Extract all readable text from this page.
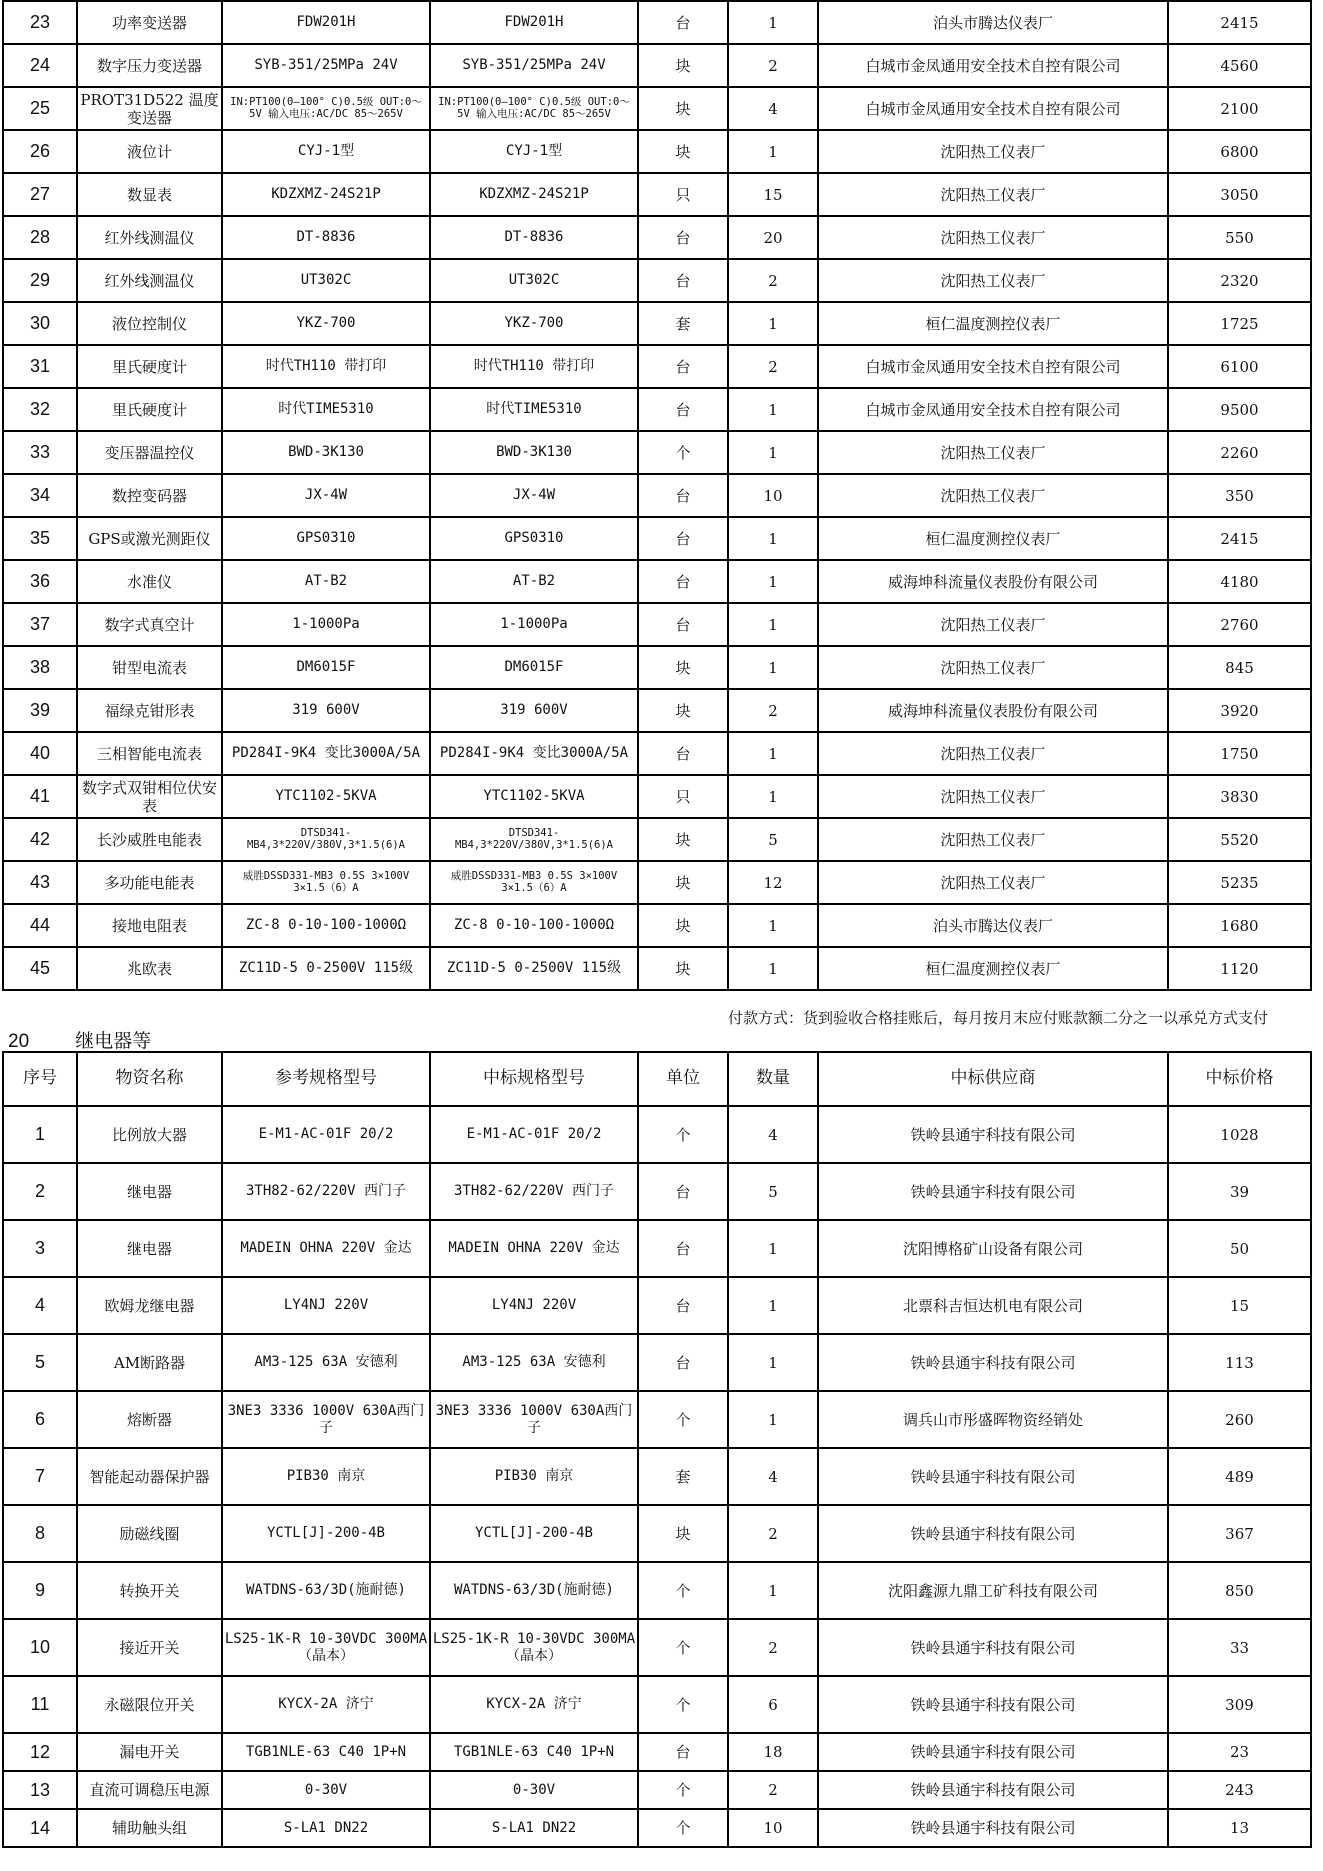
23	功率变送器	FDW201H	FDW201H	台	1	泊头市腾达仪表厂	2415
24	数字压力变送器	SYB-351/25MPa 24V	SYB-351/25MPa 24V	块	2	白城市金凤通用安全技术自控有限公司	4560
25	PROT31D522 温度变送器	IN:PT100(0—100° C)0.5级 OUT:0～5V 输入电压:AC/DC 85～265V	IN:PT100(0—100° C)0.5级 OUT:0～5V 输入电压:AC/DC 85～265V	块	4	白城市金凤通用安全技术自控有限公司	2100
26	液位计	CYJ-1型	CYJ-1型	块	1	沈阳热工仪表厂	6800
27	数显表	KDZXMZ-24S21P	KDZXMZ-24S21P	只	15	沈阳热工仪表厂	3050
28	红外线测温仪	DT-8836	DT-8836	台	20	沈阳热工仪表厂	550
29	红外线测温仪	UT302C	UT302C	台	2	沈阳热工仪表厂	2320
30	液位控制仪	YKZ-700	YKZ-700	套	1	桓仁温度测控仪表厂	1725
31	里氏硬度计	时代TH110 带打印	时代TH110 带打印	台	2	白城市金凤通用安全技术自控有限公司	6100
32	里氏硬度计	时代TIME5310	时代TIME5310	台	1	白城市金凤通用安全技术自控有限公司	9500
33	变压器温控仪	BWD-3K130	BWD-3K130	个	1	沈阳热工仪表厂	2260
34	数控变码器	JX-4W	JX-4W	台	10	沈阳热工仪表厂	350
35	GPS或激光测距仪	GPS0310	GPS0310	台	1	桓仁温度测控仪表厂	2415
36	水准仪	AT-B2	AT-B2	台	1	威海坤科流量仪表股份有限公司	4180
37	数字式真空计	1-1000Pa	1-1000Pa	台	1	沈阳热工仪表厂	2760
38	钳型电流表	DM6015F	DM6015F	块	1	沈阳热工仪表厂	845
39	福绿克钳形表	319 600V	319 600V	块	2	威海坤科流量仪表股份有限公司	3920
40	三相智能电流表	PD284I-9K4 变比3000A/5A	PD284I-9K4 变比3000A/5A	台	1	沈阳热工仪表厂	1750
41	数字式双钳相位伏安表	YTC1102-5KVA	YTC1102-5KVA	只	1	沈阳热工仪表厂	3830
42	长沙威胜电能表	DTSD341-MB4,3*220V/380V,3*1.5(6)A	DTSD341-MB4,3*220V/380V,3*1.5(6)A	块	5	沈阳热工仪表厂	5520
43	多功能电能表	威胜DSSD331-MB3 0.5S 3×100V 3×1.5（6）A	威胜DSSD331-MB3 0.5S 3×100V 3×1.5（6）A	块	12	沈阳热工仪表厂	5235
44	接地电阻表	ZC-8 0-10-100-1000Ω	ZC-8 0-10-100-1000Ω	块	1	泊头市腾达仪表厂	1680
45	兆欧表	ZC11D-5 0-2500V 115级	ZC11D-5 0-2500V 115级	块	1	桓仁温度测控仪表厂	1120
20 继电器等
付款方式：货到验收合格挂账后，每月按月末应付账款额二分之一以承兑方式支付
序号	物资名称	参考规格型号	中标规格型号	单位	数量	中标供应商	中标价格
1	比例放大器	E-M1-AC-01F 20/2	E-M1-AC-01F 20/2	个	4	铁岭县通宇科技有限公司	1028
2	继电器	3TH82-62/220V 西门子	3TH82-62/220V 西门子	台	5	铁岭县通宇科技有限公司	39
3	继电器	MADEIN OHNA 220V 金达	MADEIN OHNA 220V 金达	台	1	沈阳博格矿山设备有限公司	50
4	欧姆龙继电器	LY4NJ 220V	LY4NJ 220V	台	1	北票科吉恒达机电有限公司	15
5	AM断路器	AM3-125 63A 安德利	AM3-125 63A 安德利	台	1	铁岭县通宇科技有限公司	113
6	熔断器	3NE3 3336 1000V 630A西门子	3NE3 3336 1000V 630A西门子	个	1	调兵山市彤盛晖物资经销处	260
7	智能起动器保护器	PIB30 南京	PIB30 南京	套	4	铁岭县通宇科技有限公司	489
8	励磁线圈	YCTL[J]-200-4B	YCTL[J]-200-4B	块	2	铁岭县通宇科技有限公司	367
9	转换开关	WATDNS-63/3D(施耐德)	WATDNS-63/3D(施耐德)	个	1	沈阳鑫源九鼎工矿科技有限公司	850
10	接近开关	LS25-1K-R 10-30VDC 300MA（晶本）	LS25-1K-R 10-30VDC 300MA（晶本）	个	2	铁岭县通宇科技有限公司	33
11	永磁限位开关	KYCX-2A 济宁	KYCX-2A 济宁	个	6	铁岭县通宇科技有限公司	309
12	漏电开关	TGB1NLE-63 C40 1P+N	TGB1NLE-63 C40 1P+N	台	18	铁岭县通宇科技有限公司	23
13	直流可调稳压电源	0-30V	0-30V	个	2	铁岭县通宇科技有限公司	243
14	辅助触头组	S-LA1 DN22	S-LA1 DN22	个	10	铁岭县通宇科技有限公司	13
